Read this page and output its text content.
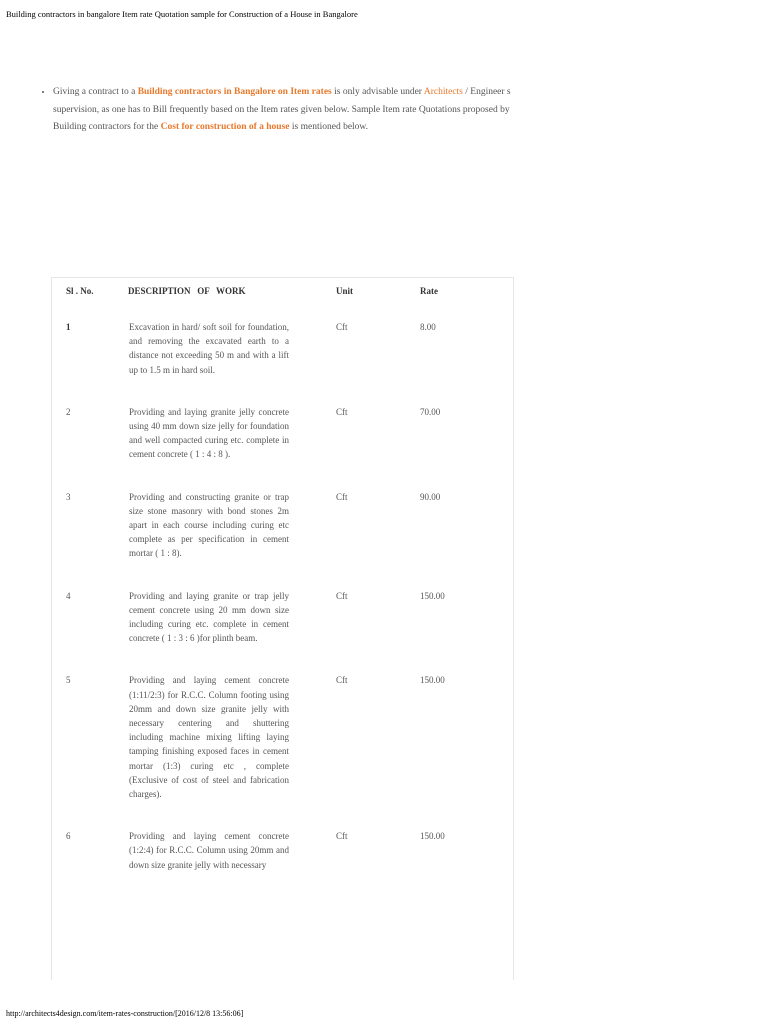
Building contractors in bangalore Item rate Quotation sample for Construction of a House in Bangalore
• Giving a contract to a Building contractors in Bangalore on Item rates is only advisable under Architects / Engineer s supervision, as one has to Bill frequently based on the Item rates given below. Sample Item rate Quotations proposed by Building contractors for the Cost for construction of a house is mentioned below.
Sl . No.	DESCRIPTION   OF   WORK	Unit	Rate
1	Excavation in hard/ soft soil for foundation, and removing the excavated earth to a distance not exceeding 50 m and with a lift up to 1.5 m in hard soil.	Cft	8.00
2	Providing and laying granite jelly concrete using 40 mm down size jelly for foundation and well compacted curing etc. complete in cement concrete ( 1 : 4 : 8 ).	Cft	70.00
3	Providing and constructing granite or trap size stone masonry with bond stones 2m apart in each course including curing etc complete as per specification in cement mortar ( 1 : 8).	Cft	90.00
4	Providing and laying granite or trap jelly cement concrete using 20 mm down size including curing etc. complete in cement concrete ( 1 : 3 : 6 )for plinth beam.	Cft	150.00
5	Providing and laying cement concrete (1:11/2:3) for R.C.C. Column footing using 20mm and down size granite jelly with necessary centering and shuttering including machine mixing lifting laying tamping finishing exposed faces in cement mortar (1:3) curing etc , complete (Exclusive of cost of steel and fabrication charges).	Cft	150.00
6	Providing and laying cement concrete (1:2:4) for R.C.C. Column using 20mm and down size granite jelly with necessary	Cft	150.00
http://architects4design.com/item-rates-construction/[2016/12/8 13:56:06]
